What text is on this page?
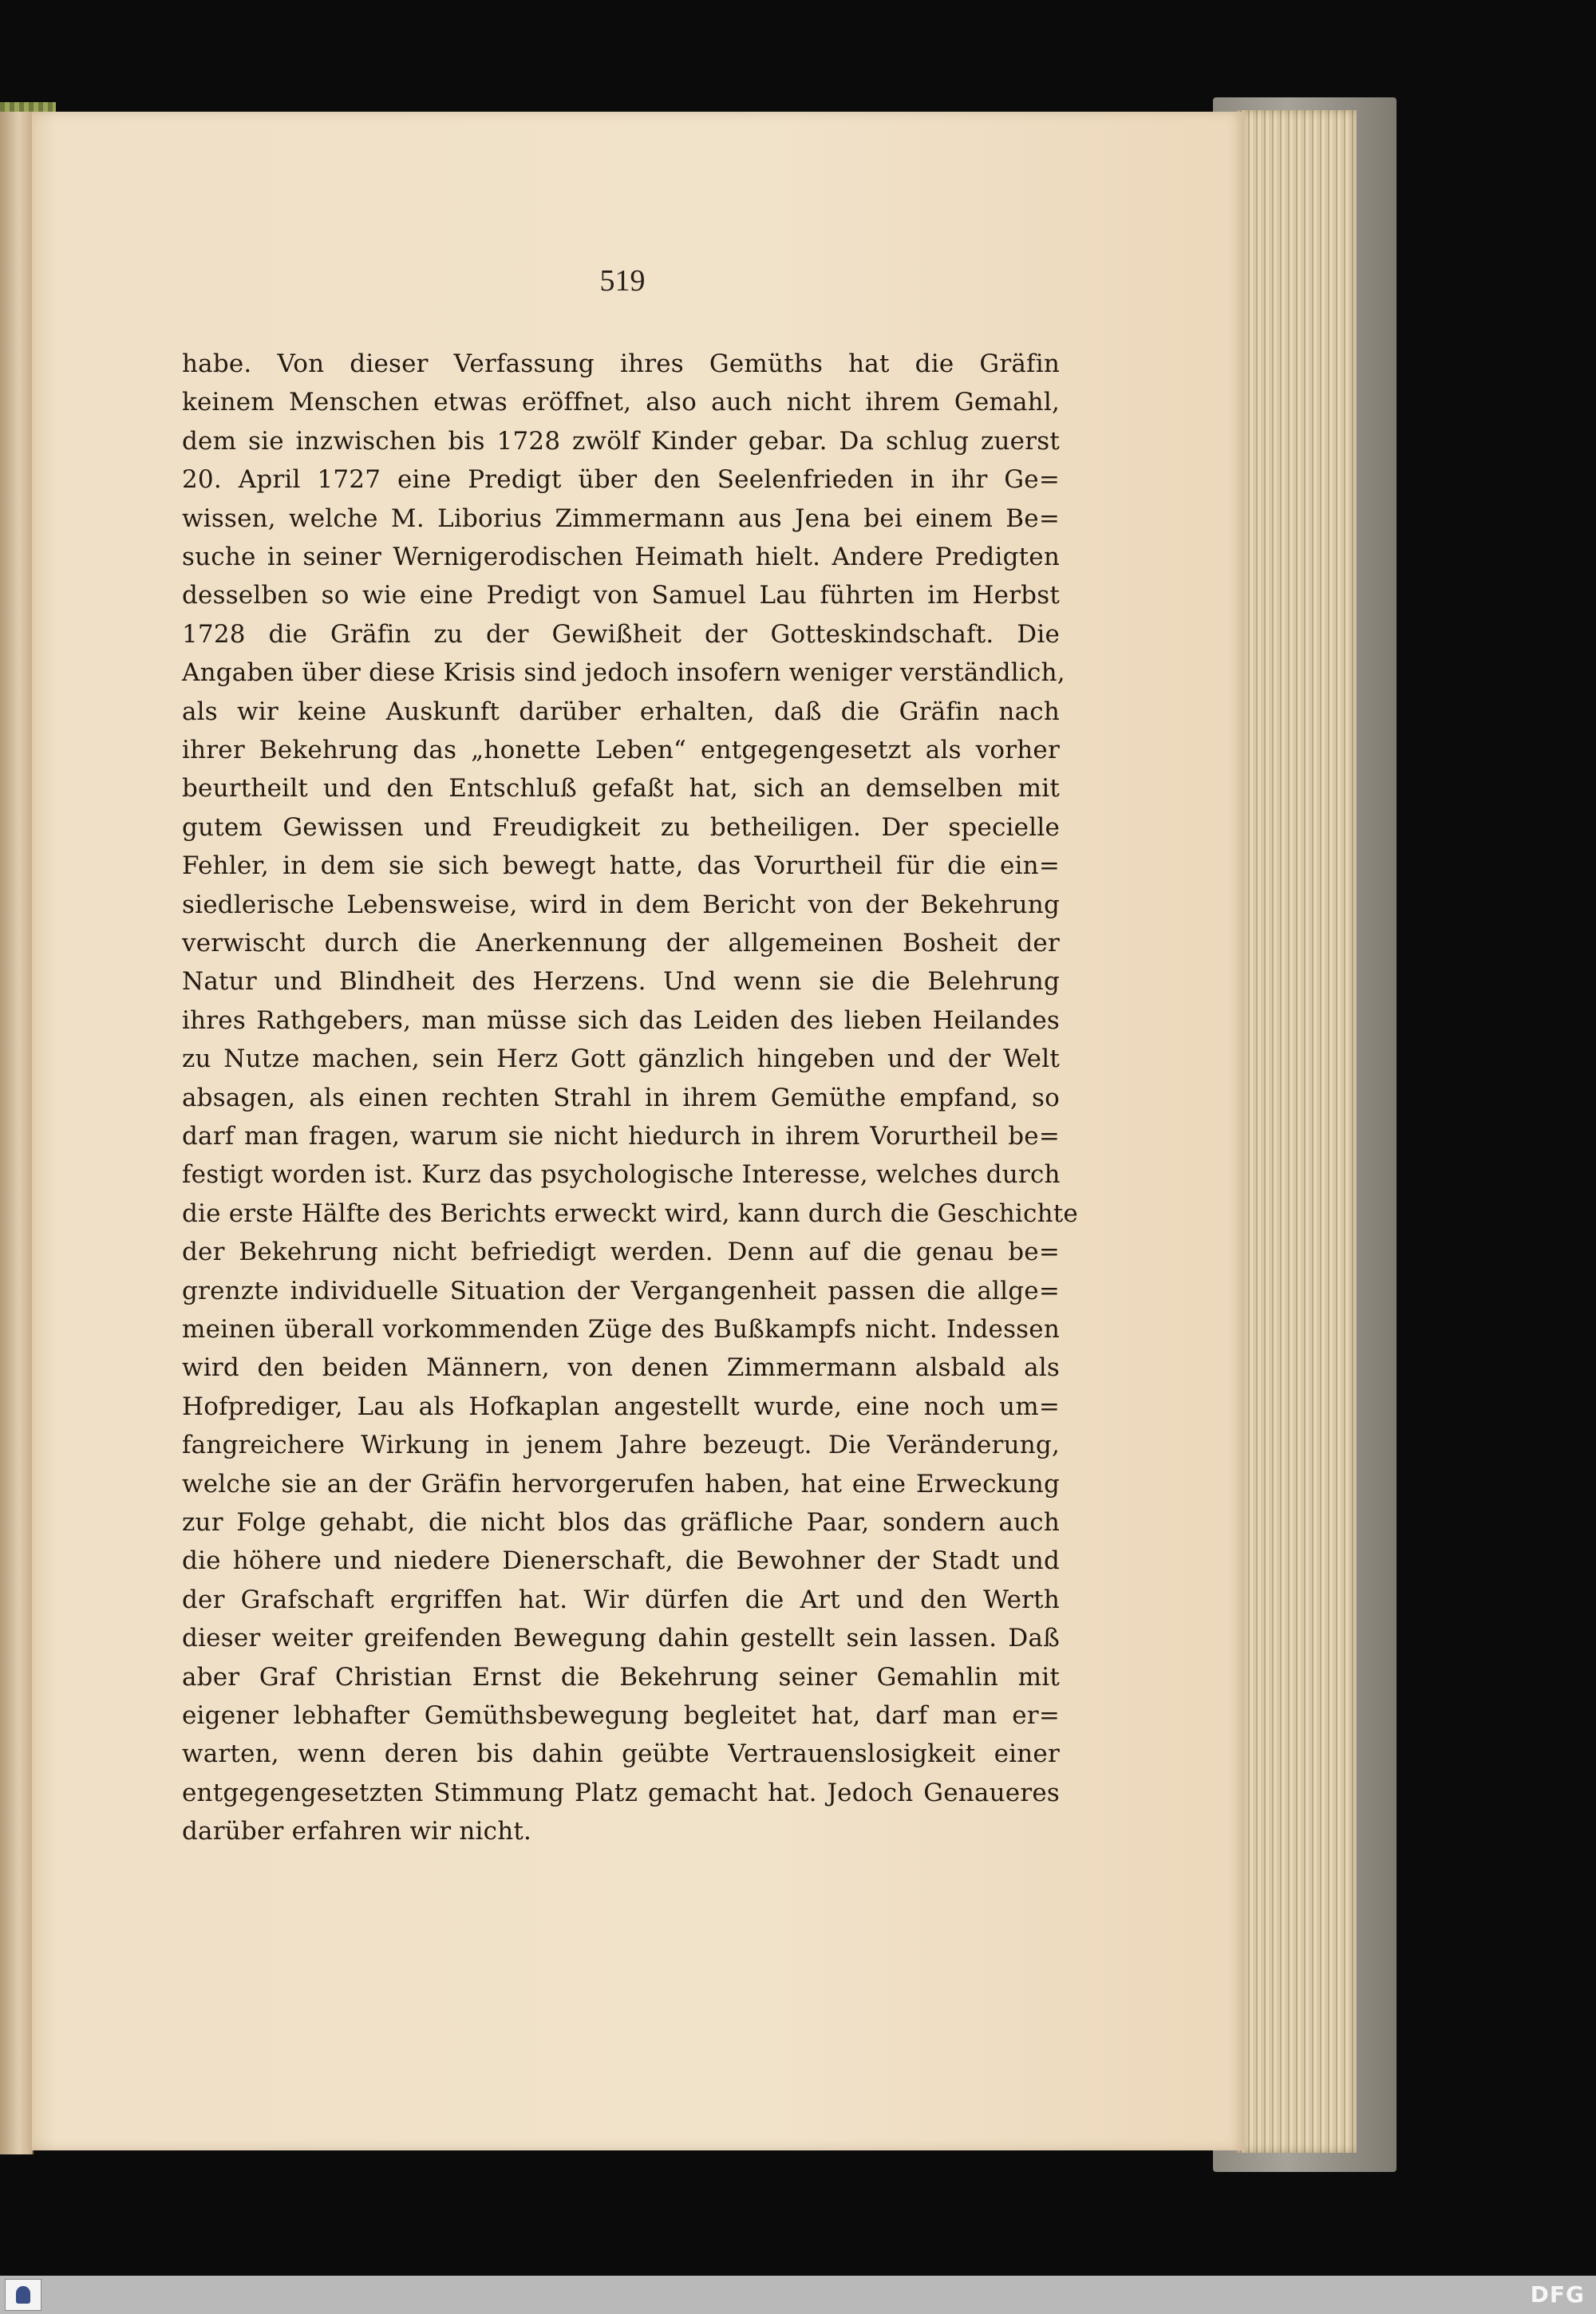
519
habe. Von dieser Verfassung ihres Gemüths hat die Gräfin
keinem Menschen etwas eröffnet, also auch nicht ihrem Gemahl,
dem sie inzwischen bis 1728 zwölf Kinder gebar. Da schlug zuerst
20. April 1727 eine Predigt über den Seelenfrieden in ihr Ge=
wissen, welche M. Liborius Zimmermann aus Jena bei einem Be=
suche in seiner Wernigerodischen Heimath hielt. Andere Predigten
desselben so wie eine Predigt von Samuel Lau führten im Herbst
1728 die Gräfin zu der Gewißheit der Gotteskindschaft. Die
Angaben über diese Krisis sind jedoch insofern weniger verständlich,
als wir keine Auskunft darüber erhalten, daß die Gräfin nach
ihrer Bekehrung das „honette Leben“ entgegengesetzt als vorher
beurtheilt und den Entschluß gefaßt hat, sich an demselben mit
gutem Gewissen und Freudigkeit zu betheiligen. Der specielle
Fehler, in dem sie sich bewegt hatte, das Vorurtheil für die ein=
siedlerische Lebensweise, wird in dem Bericht von der Bekehrung
verwischt durch die Anerkennung der allgemeinen Bosheit der
Natur und Blindheit des Herzens. Und wenn sie die Belehrung
ihres Rathgebers, man müsse sich das Leiden des lieben Heilandes
zu Nutze machen, sein Herz Gott gänzlich hingeben und der Welt
absagen, als einen rechten Strahl in ihrem Gemüthe empfand, so
darf man fragen, warum sie nicht hiedurch in ihrem Vorurtheil be=
festigt worden ist. Kurz das psychologische Interesse, welches durch
die erste Hälfte des Berichts erweckt wird, kann durch die Geschichte
der Bekehrung nicht befriedigt werden. Denn auf die genau be=
grenzte individuelle Situation der Vergangenheit passen die allge=
meinen überall vorkommenden Züge des Bußkampfs nicht. Indessen
wird den beiden Männern, von denen Zimmermann alsbald als
Hofprediger, Lau als Hofkaplan angestellt wurde, eine noch um=
fangreichere Wirkung in jenem Jahre bezeugt. Die Veränderung,
welche sie an der Gräfin hervorgerufen haben, hat eine Erweckung
zur Folge gehabt, die nicht blos das gräfliche Paar, sondern auch
die höhere und niedere Dienerschaft, die Bewohner der Stadt und
der Grafschaft ergriffen hat. Wir dürfen die Art und den Werth
dieser weiter greifenden Bewegung dahin gestellt sein lassen. Daß
aber Graf Christian Ernst die Bekehrung seiner Gemahlin mit
eigener lebhafter Gemüthsbewegung begleitet hat, darf man er=
warten, wenn deren bis dahin geübte Vertrauenslosigkeit einer
entgegengesetzten Stimmung Platz gemacht hat. Jedoch Genaueres
darüber erfahren wir nicht.
DFG
